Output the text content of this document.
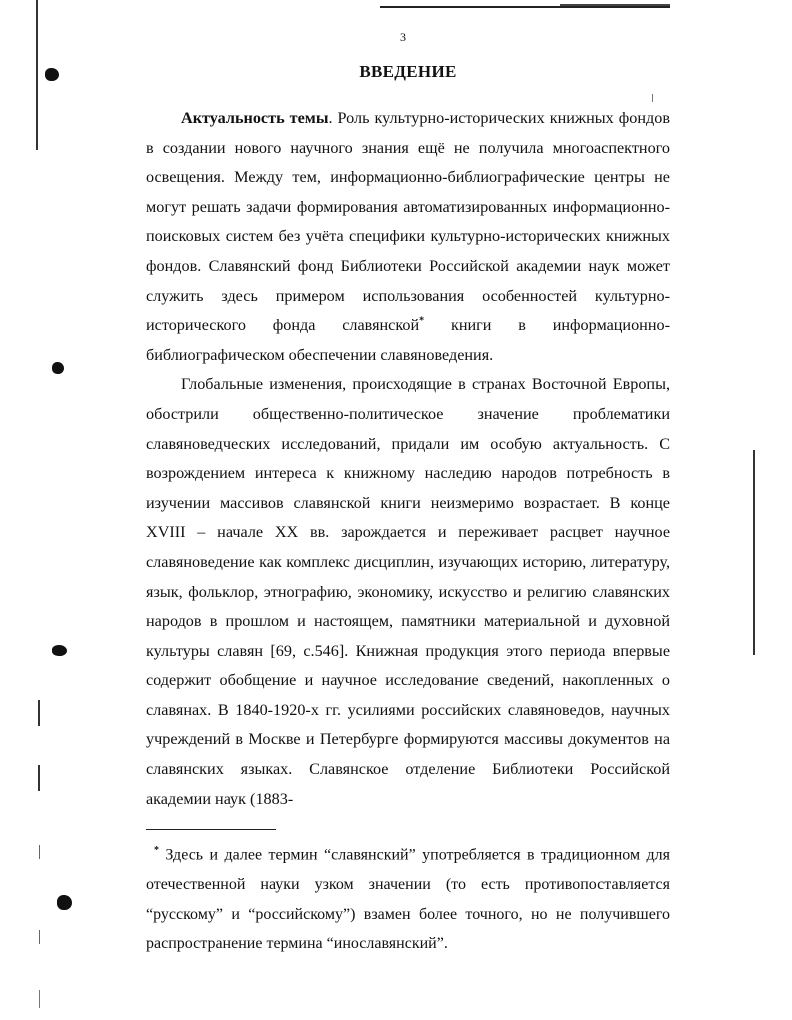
3
ВВЕДЕНИЕ

Актуальность темы. Роль культурно-исторических книжных фондов в создании нового научного знания ещё не получила многоаспектного освещения. Между тем, информационно-библиографические центры не могут решать задачи формирования автоматизированных информационно-поисковых систем без учёта специфики культурно-исторических книжных фондов. Славянский фонд Библиотеки Российской академии наук может служить здесь примером использования особенностей культурно-исторического фонда славянской* книги в информационно-библиографическом обеспечении славяноведения.

Глобальные изменения, происходящие в странах Восточной Европы, обострили общественно-политическое значение проблематики славяноведческих исследований, придали им особую актуальность. С возрождением интереса к книжному наследию народов потребность в изучении массивов славянской книги неизмеримо возрастает. В конце XVIII – начале XX вв. зарождается и переживает расцвет научное славяноведение как комплекс дисциплин, изучающих историю, литературу, язык, фольклор, этнографию, экономику, искусство и религию славянских народов в прошлом и настоящем, памятники материальной и духовной культуры славян [69, с.546]. Книжная продукция этого периода впервые содержит обобщение и научное исследование сведений, накопленных о славянах. В 1840-1920-х гг. усилиями российских славяноведов, научных учреждений в Москве и Петербурге формируются массивы документов на славянских языках. Славянское отделение Библиотеки Российской академии наук (1883-

* Здесь и далее термин “славянский” употребляется в традиционном для отечественной науки узком значении (то есть противопоставляется “русскому” и “российскому”) взамен более точного, но не получившего распространение термина “инославянский”.
